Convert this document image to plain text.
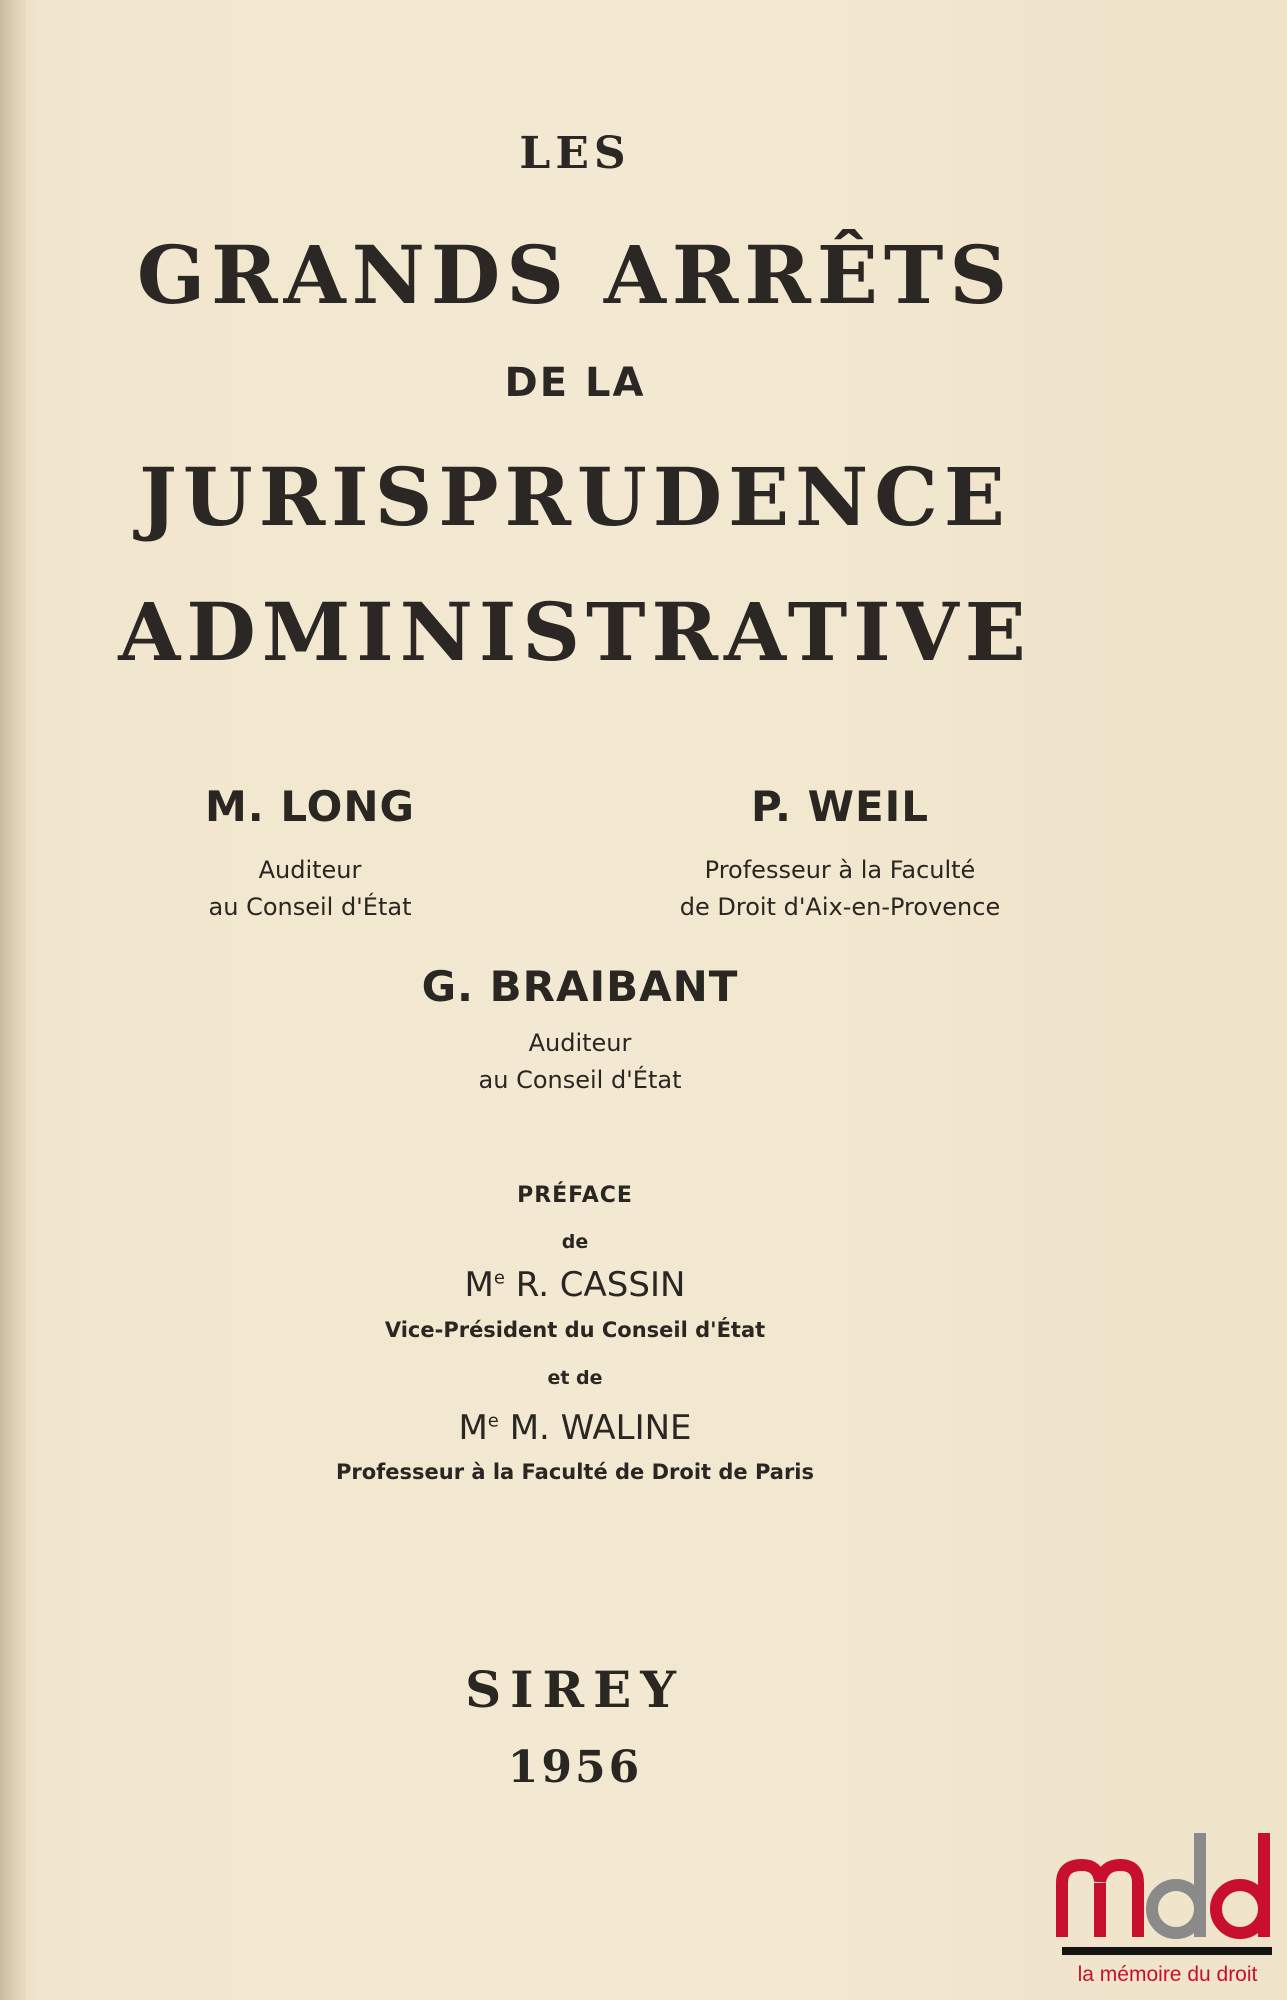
LES
GRANDS ARRÊTS
DE LA
JURISPRUDENCE
ADMINISTRATIVE
M. LONG
Auditeur
au Conseil d'État
P. WEIL
Professeur à la Faculté
de Droit d'Aix-en-Provence
G. BRAIBANT
Auditeur
au Conseil d'État
PRÉFACE
de
Me R. CASSIN
Vice-Président du Conseil d'État
et de
Me M. WALINE
Professeur à la Faculté de Droit de Paris
SIREY
1956
la mémoire du droit
